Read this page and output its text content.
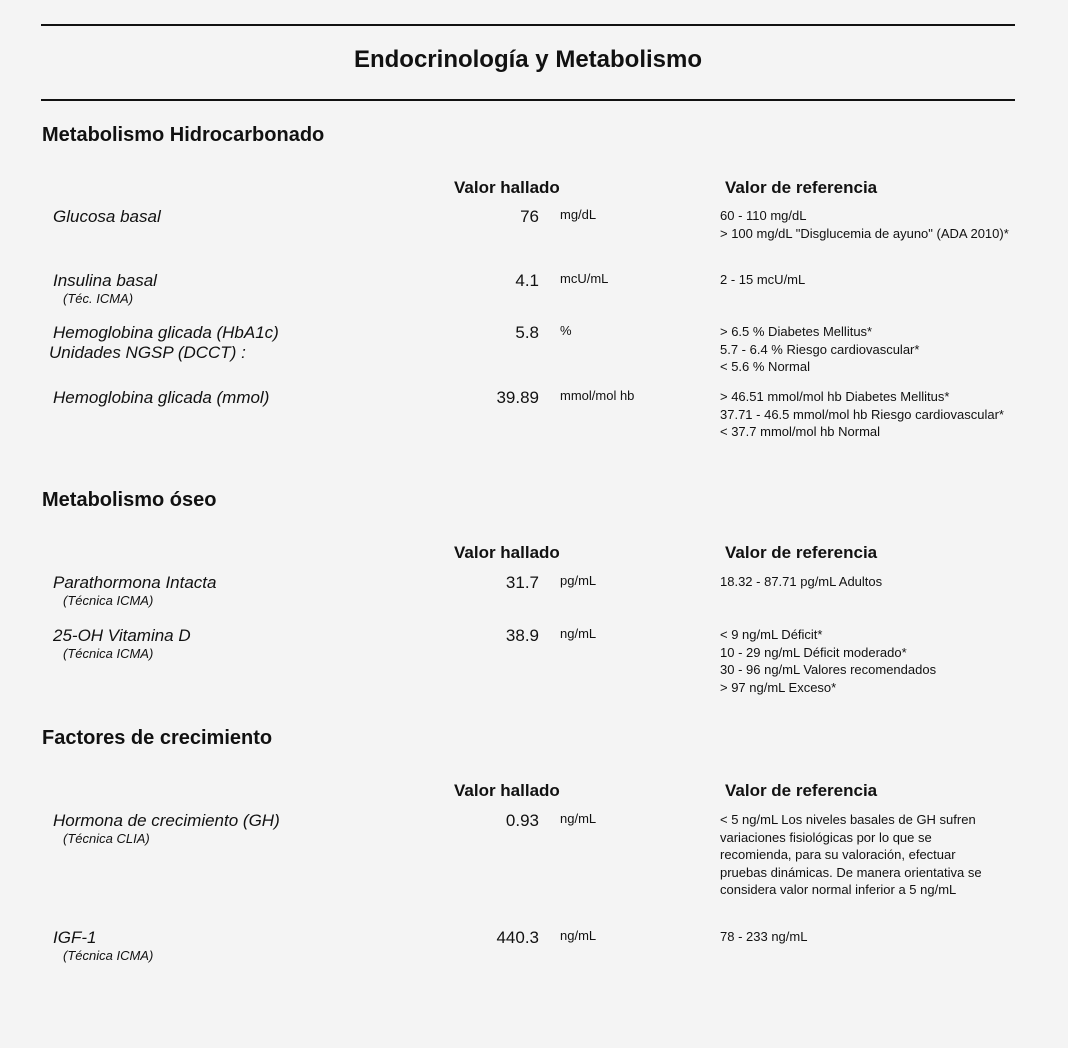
Endocrinología y Metabolismo
Metabolismo Hidrocarbonado
Valor hallado	Valor de referencia
Glucosa basal	76 mg/dL	60 - 110 mg/dL
> 100 mg/dL "Disglucemia de ayuno" (ADA 2010)*
Insulina basal
(Téc. ICMA)
4.1 mcU/mL	2 - 15 mcU/mL
Hemoglobina glicada (HbA1c)
Unidades NGSP (DCCT) :
5.8 %	> 6.5 % Diabetes Mellitus*
5.7 - 6.4 % Riesgo cardiovascular*
< 5.6 % Normal
Hemoglobina glicada (mmol)	39.89 mmol/mol hb	> 46.51 mmol/mol hb Diabetes Mellitus*
37.71 - 46.5 mmol/mol hb Riesgo cardiovascular*
< 37.7 mmol/mol hb Normal
Metabolismo óseo
Valor hallado	Valor de referencia
Parathormona Intacta
(Técnica ICMA)
31.7 pg/mL	18.32 - 87.71 pg/mL Adultos
25-OH Vitamina D
(Técnica ICMA)
38.9 ng/mL	< 9 ng/mL Déficit*
10 - 29 ng/mL Déficit moderado*
30 - 96 ng/mL Valores recomendados
> 97 ng/mL Exceso*
Factores de crecimiento
Valor hallado	Valor de referencia
Hormona de crecimiento (GH)
(Técnica CLIA)
0.93 ng/mL	< 5 ng/mL Los niveles basales de GH sufren variaciones fisiológicas por lo que se recomienda, para su valoración, efectuar pruebas dinámicas. De manera orientativa se considera valor normal inferior a 5 ng/mL
IGF-1
(Técnica ICMA)
440.3 ng/mL	78 - 233 ng/mL
